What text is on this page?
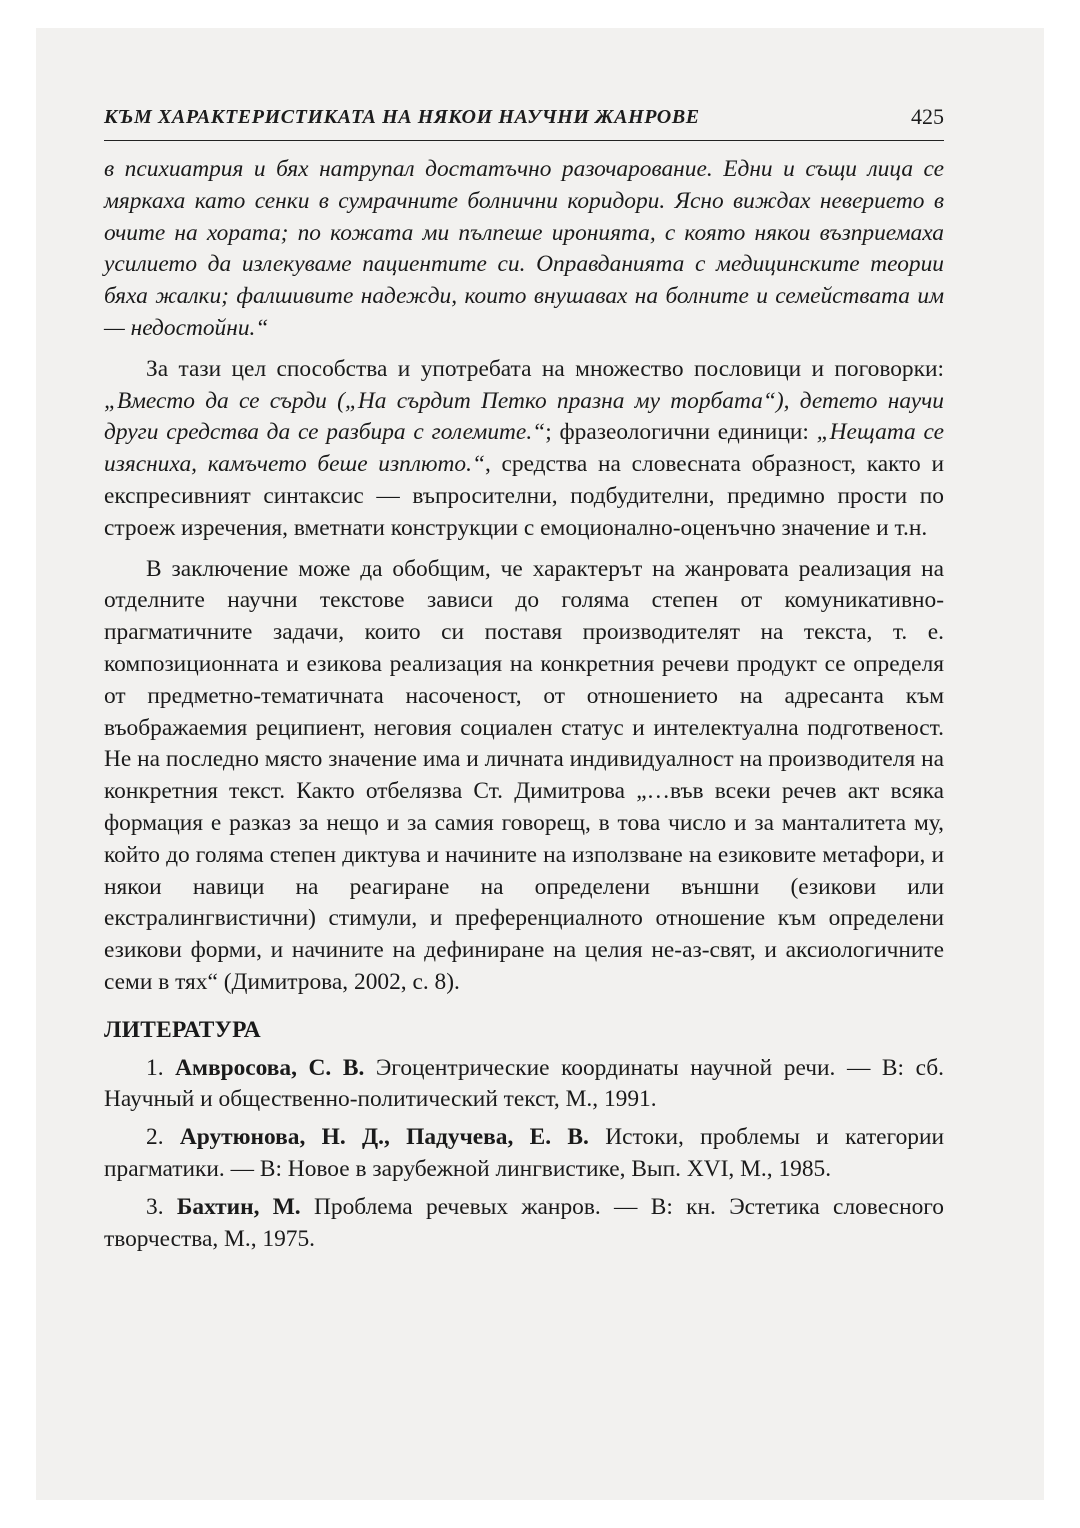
КЪМ ХАРАКТЕРИСТИКАТА НА НЯКОИ НАУЧНИ ЖАНРОВЕ	425

в психиатрия и бях натрупал достатъчно разочарование. Едни и същи лица се мяркаха като сенки в сумрачните болнични коридори. Ясно виждах неверието в очите на хората; по кожата ми пълпеше иронията, с която някои възприемаха усилието да излекуваме пациентите си. Оправданията с медицинските теории бяха жалки; фалшивите надежди, които внушавах на болните и семействата им — недостойни.“

За тази цел способства и употребата на множество пословици и поговорки: „Вместо да се сърди („На сърдит Петко празна му торбата“), детето научи други средства да се разбира с големите.“; фразеологични единици: „Нещата се изясниха, камъчето беше изплюто.“, средства на словесната образност, както и експресивният синтаксис — въпросителни, подбудителни, предимно прости по строеж изречения, вметнати конструкции с емоционално-оценъчно значение и т.н.

В заключение може да обобщим, че характерът на жанровата реализация на отделните научни текстове зависи до голяма степен от комуникативно-прагматичните задачи, които си поставя производителят на текста, т. е. композиционната и езикова реализация на конкретния речеви продукт се определя от предметно-тематичната насоченост, от отношението на адресанта към въображаемия реципиент, неговия социален статус и интелектуална подготвеност. Не на последно място значение има и личната индивидуалност на производителя на конкретния текст. Както отбелязва Ст. Димитрова „…във всеки речев акт всяка формация е разказ за нещо и за самия говорещ, в това число и за манталитета му, който до голяма степен диктува и начините на използване на езиковите метафори, и някои навици на реагиране на определени външни (езикови или екстралингвистични) стимули, и преференциалното отношение към определени езикови форми, и начините на дефиниране на целия не-аз-свят, и аксиологичните семи в тях“ (Димитрова, 2002, с. 8).

ЛИТЕРАТУРА

1. Амвросова, С. В. Эгоцентрические координаты научной речи. — В: сб. Научный и общественно-политический текст, М., 1991.

2. Арутюнова, Н. Д., Падучева, Е. В. Истоки, проблемы и категории прагматики. — В: Новое в зарубежной лингвистике, Вып. XVI, М., 1985.

3. Бахтин, М. Проблема речевых жанров. — В: кн. Эстетика словесного творчества, М., 1975.
